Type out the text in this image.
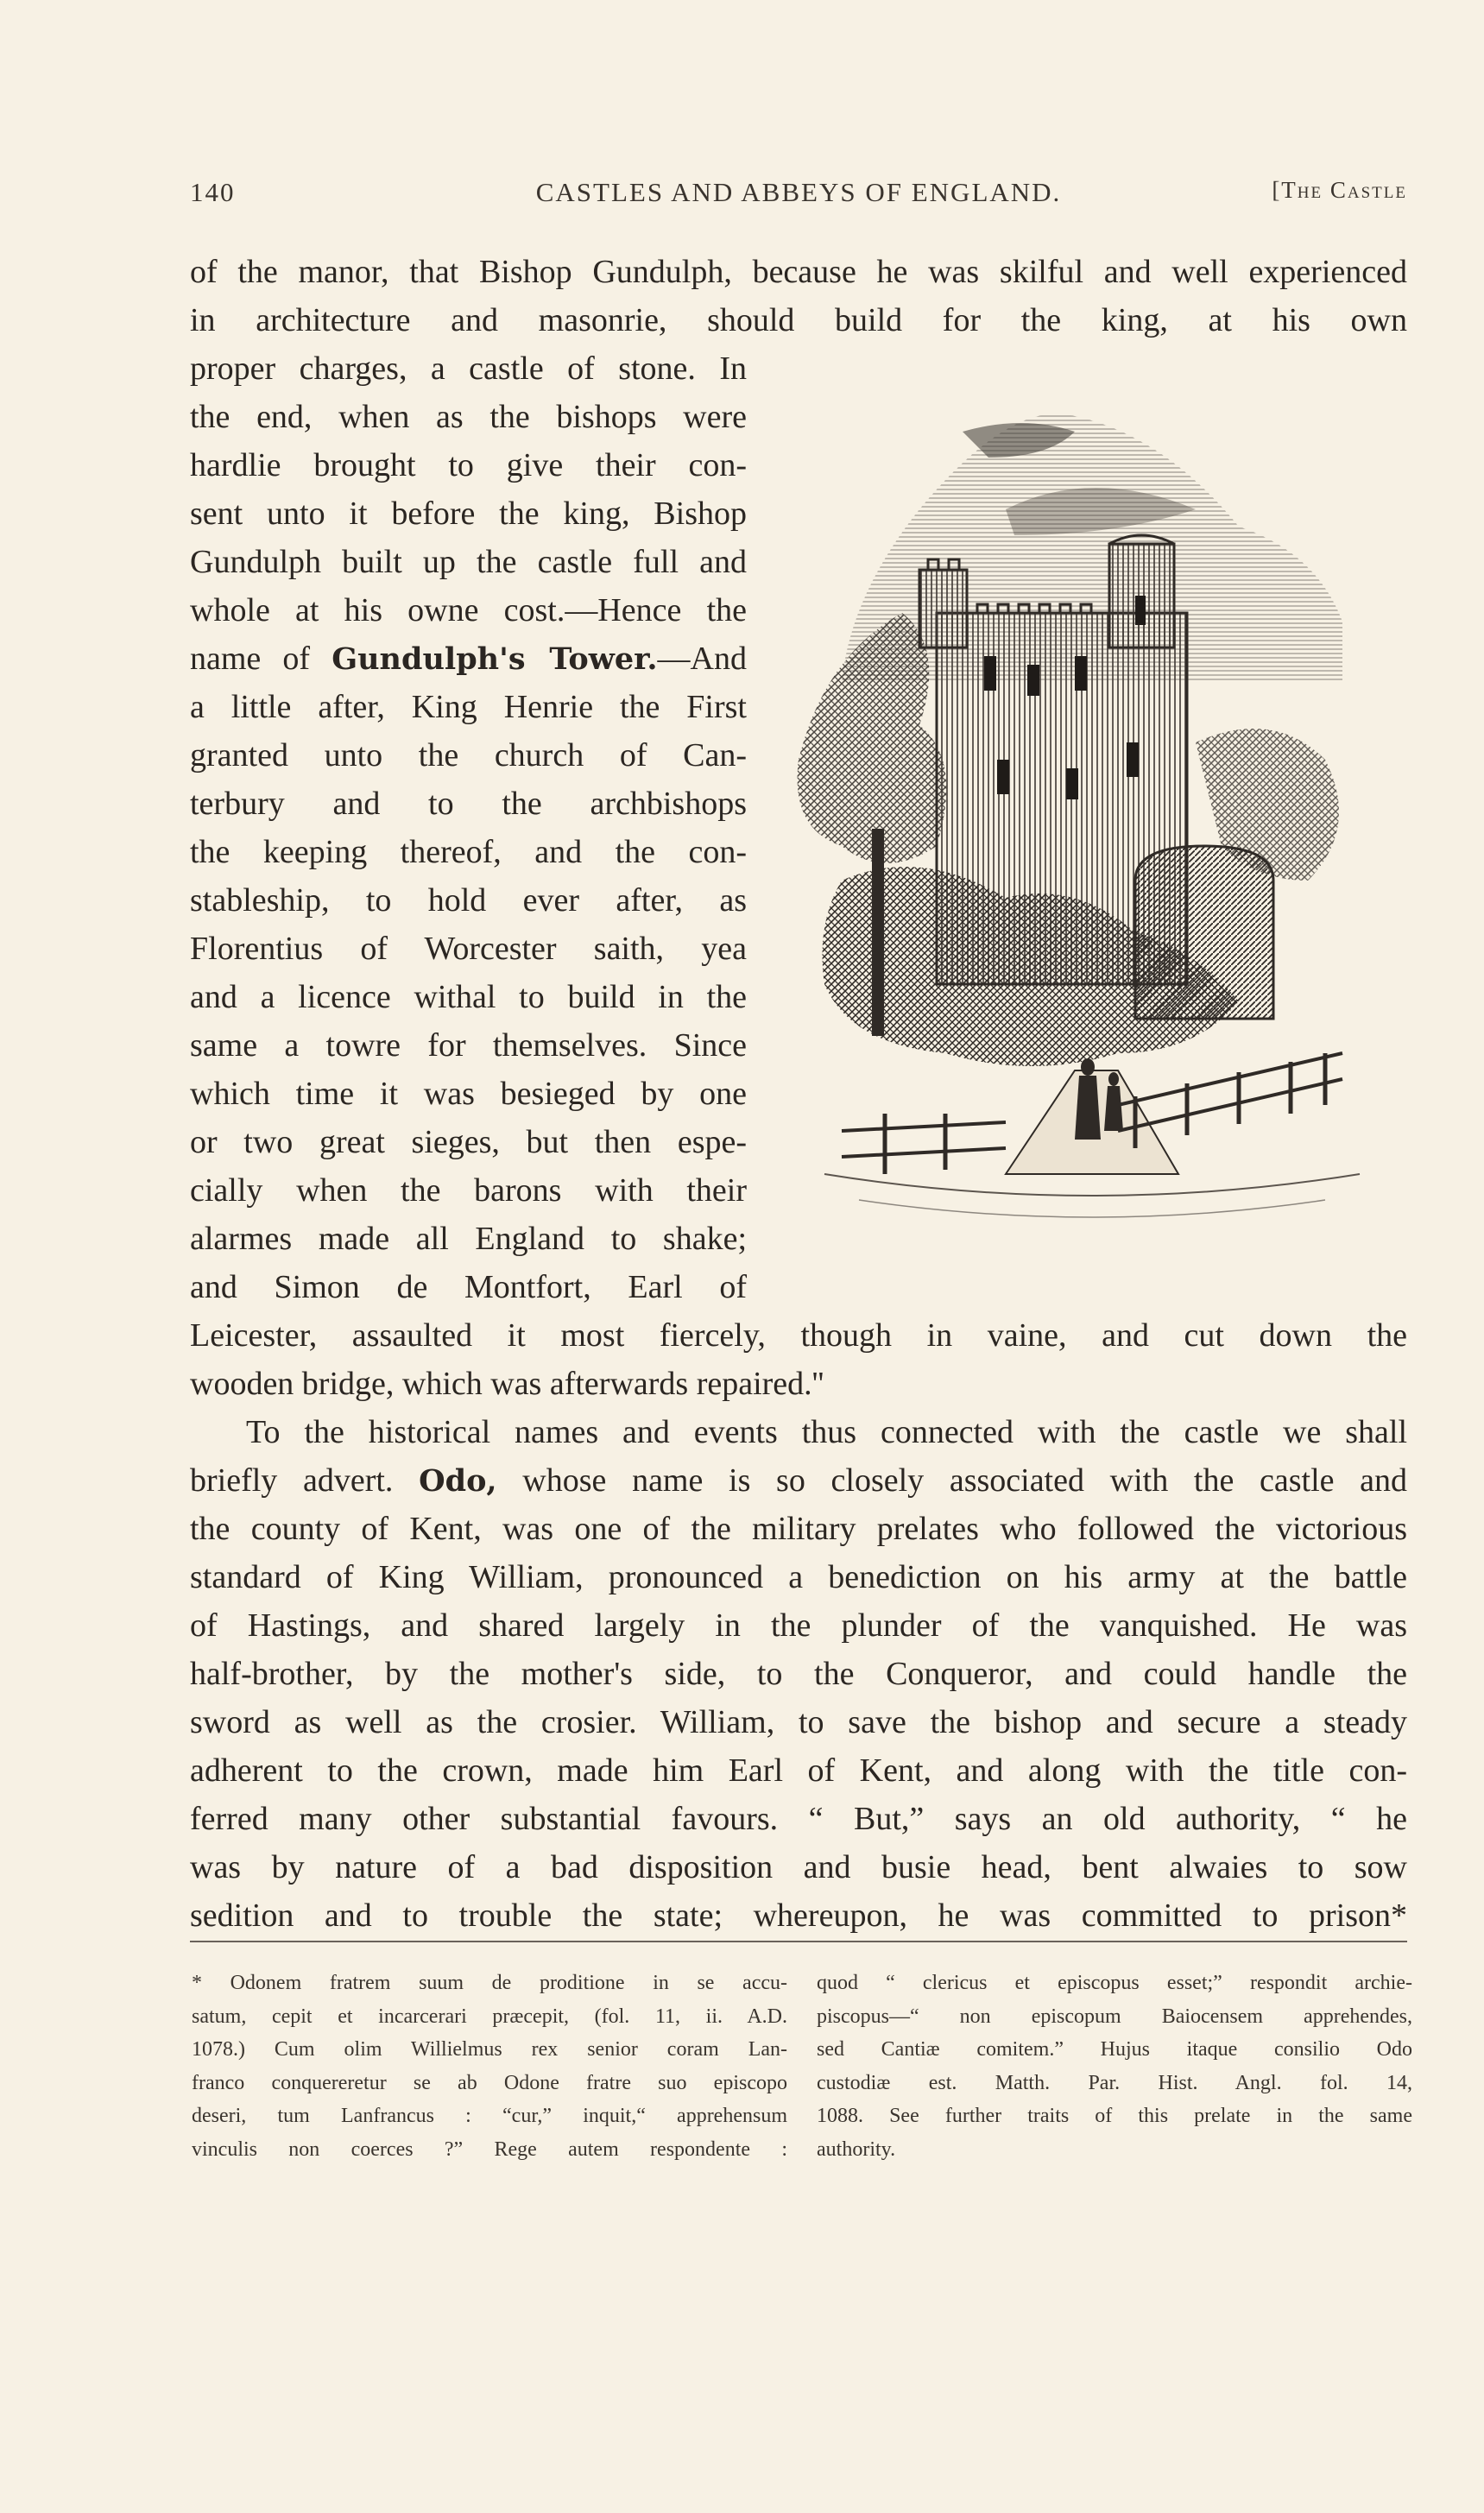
140	CASTLES AND ABBEYS OF ENGLAND.	[The Castle
of the manor, that Bishop Gundulph, because he was skilful and well experienced
in architecture and masonrie, should build for the king, at his own
proper charges, a castle of stone. In
the end, when as the bishops were
hardlie brought to give their con-
sent unto it before the king, Bishop
Gundulph built up the castle full and
whole at his owne cost.—Hence the
name of Gundulph's Tower.—And
a little after, King Henrie the First
granted unto the church of Can-
terbury and to the archbishops
the keeping thereof, and the con-
stableship, to hold ever after, as
Florentius of Worcester saith, yea
and a licence withal to build in the
same a towre for themselves. Since
which time it was besieged by one
or two great sieges, but then espe-
cially when the barons with their
alarmes made all England to shake;
and Simon de Montfort, Earl of
Leicester, assaulted it most fiercely, though in vaine, and cut down the
wooden bridge, which was afterwards repaired.''
To the historical names and events thus connected with the castle we shall
briefly advert. Odo, whose name is so closely associated with the castle and
the county of Kent, was one of the military prelates who followed the victorious
standard of King William, pronounced a benediction on his army at the battle
of Hastings, and shared largely in the plunder of the vanquished. He was
half-brother, by the mother's side, to the Conqueror, and could handle the
sword as well as the crosier. William, to save the bishop and secure a steady
adherent to the crown, made him Earl of Kent, and along with the title con-
ferred many other substantial favours. “ But,” says an old authority, “ he
was by nature of a bad disposition and busie head, bent alwaies to sow
sedition and to trouble the state; whereupon, he was committed to prison*
* Odonem fratrem suum de proditione in se accu-
satum, cepit et incarcerari præcepit, (fol. 11, ii. A.D.
1078.) Cum olim Willielmus rex senior coram Lan-
franco conquereretur se ab Odone fratre suo episcopo
deseri, tum Lanfrancus : “cur,” inquit,“ apprehensum
vinculis non coerces ?” Rege autem respondente :
quod “ clericus et episcopus esset;” respondit archie-
piscopus—“ non episcopum Baiocensem apprehendes,
sed Cantiæ comitem.” Hujus itaque consilio Odo
custodiæ est. Matth. Par. Hist. Angl. fol. 14,
1088. See further traits of this prelate in the same
authority.
